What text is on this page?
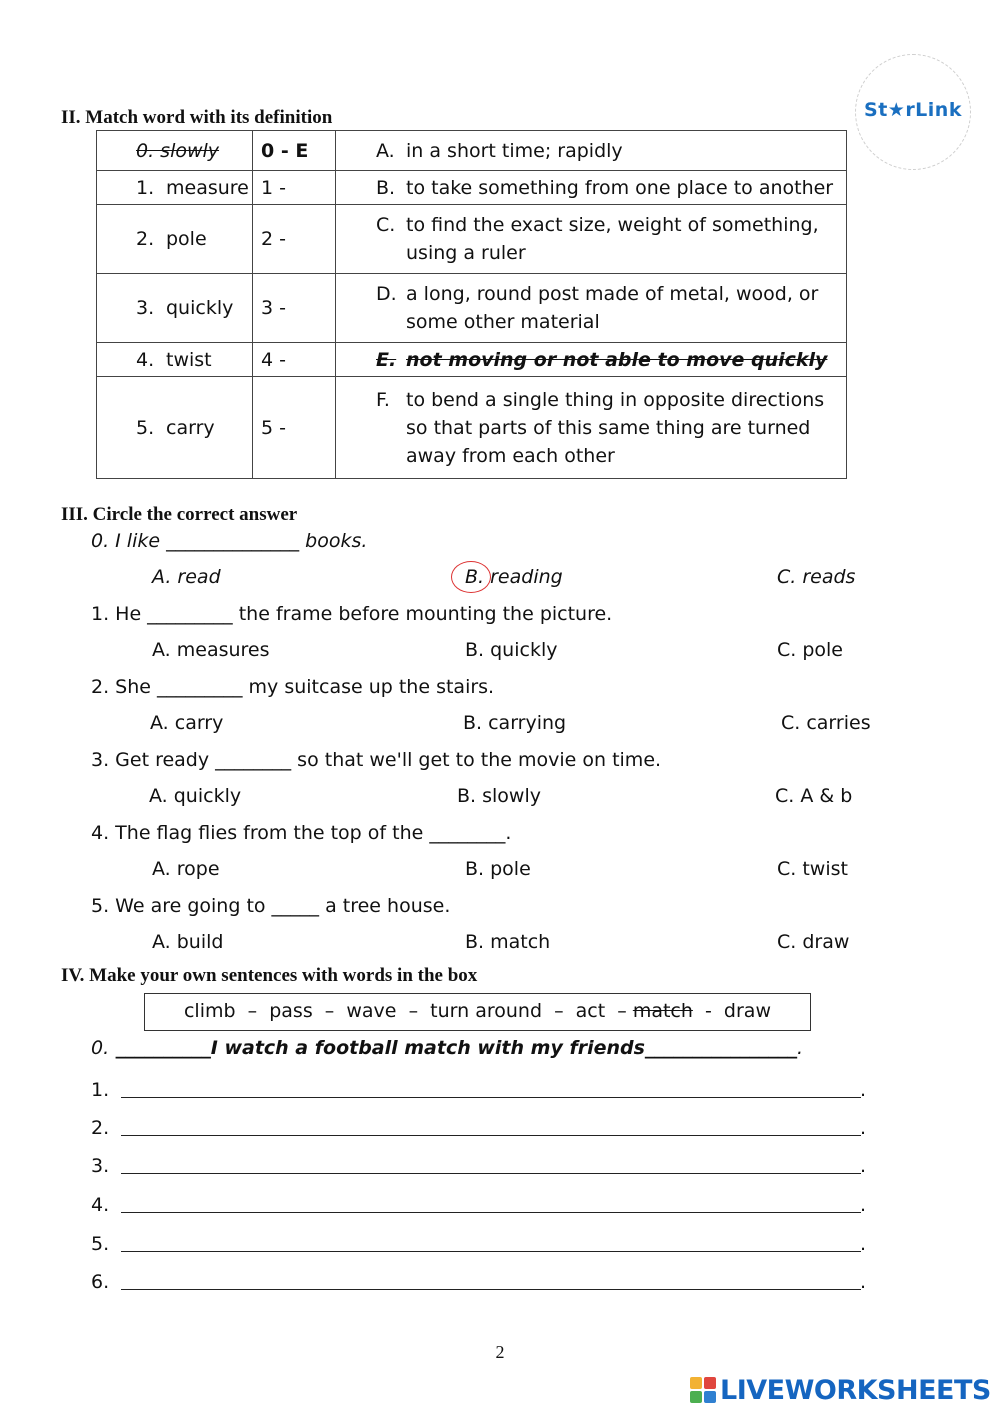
St★rLink
II. Match word with its definition
0. slowly	0 - E	A. in a short time; rapidly

1. measure	1 -	B. to take something from one place to another

2. pole	2 -	C. to find the exact size, weight of something, using a ruler

3. quickly	3 -	D. a long, round post made of metal, wood, or some other material

4. twist	4 -	E. not moving or not able to move quickly

5. carry	5 -	F. to bend a single thing in opposite directions so that parts of this same thing are turned away from each other
III. Circle the correct answer
0. I like ______________ books.
A. read	B. reading	C. reads
1. He _________ the frame before mounting the picture.
A. measures	B. quickly	C. pole
2. She _________ my suitcase up the stairs.
A. carry	B. carrying	C. carries
3. Get ready ________ so that we'll get to the movie on time.
A. quickly	B. slowly	C. A & b
4. The flag flies from the top of the ________.
A. rope	B. pole	C. twist
5. We are going to _____ a tree house.
A. build	B. match	C. draw
IV. Make your own sentences with words in the box
climb  –  pass  –  wave  –  turn around  –  act  – match  -  draw
0. __________I watch a football match with my friends________________.
1.	.
2.	.
3.	.
4.	.
5.	.
6.	.
2
LIVEWORKSHEETS
